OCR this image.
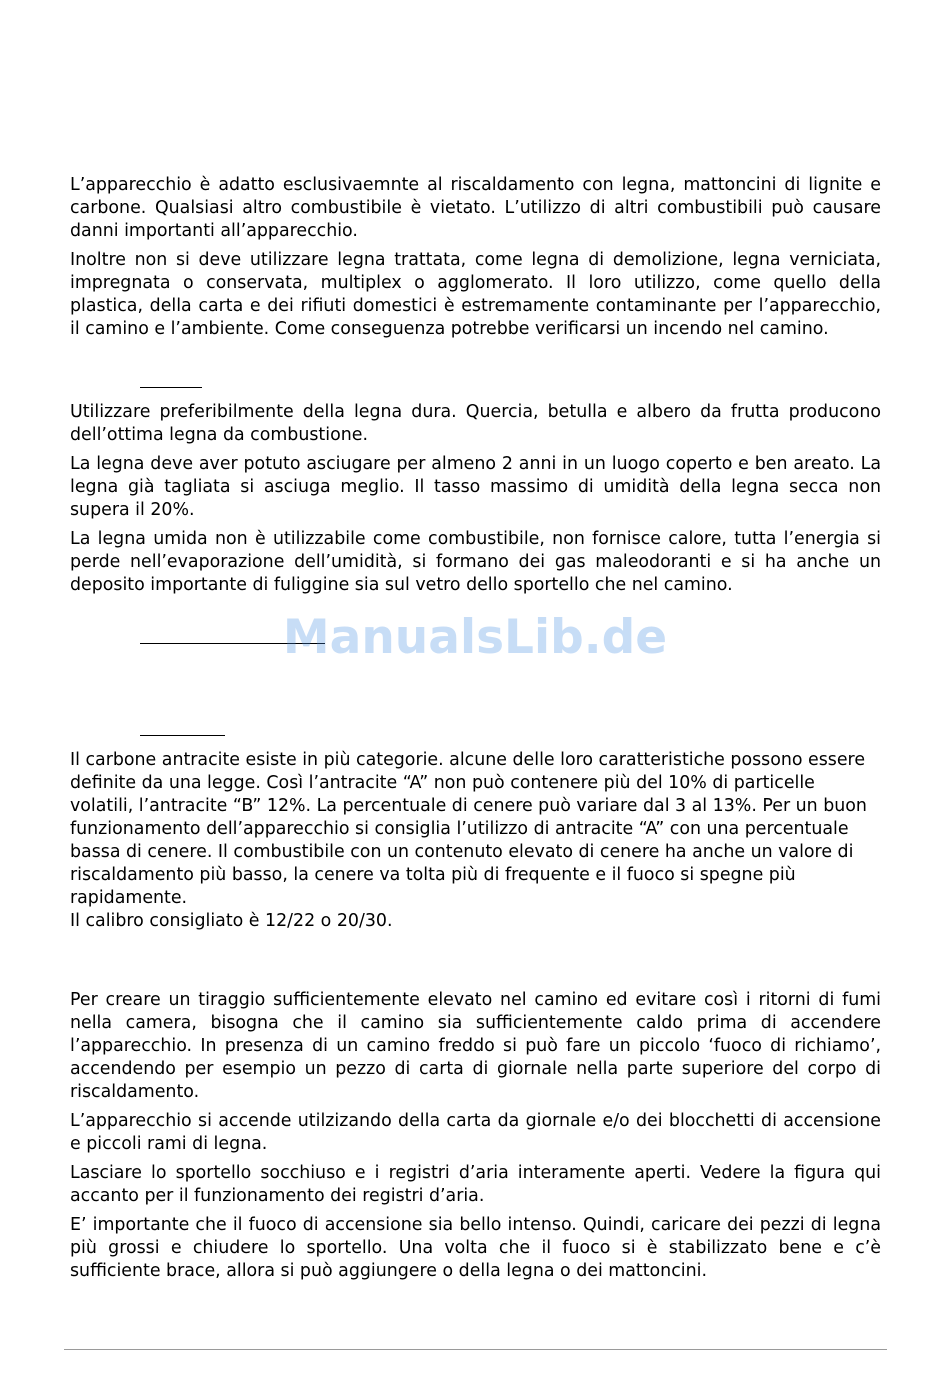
L’apparecchio è adatto esclusivaemnte al riscaldamento con legna, mattoncini di lignite e carbone. Qualsiasi altro combustibile è vietato. L’utilizzo di altri combustibili può causare danni importanti all’apparecchio.

Inoltre non si deve utilizzare legna trattata, come legna di demolizione, legna verniciata, impregnata o conservata, multiplex o agglomerato. Il loro utilizzo, come quello della plastica, della carta e dei rifiuti domestici è estremamente contaminante per l’apparecchio, il camino e l’ambiente. Come conseguenza potrebbe verificarsi un incendo nel camino.

Utilizzare preferibilmente della legna dura. Quercia, betulla e albero da frutta producono dell’ottima legna da combustione.

La legna deve aver potuto asciugare per almeno 2 anni in un luogo coperto e ben areato. La legna già tagliata si asciuga meglio. Il tasso massimo di umidità della legna secca non supera il 20%.

La legna umida non è utilizzabile come combustibile, non fornisce calore, tutta l’energia si perde nell’evaporazione dell’umidità, si formano dei gas maleodoranti e si ha anche un deposito importante di fuliggine sia sul vetro dello sportello che nel camino.

ManualsLib.de

Il carbone antracite esiste in più categorie. alcune delle loro caratteristiche possono essere definite da una legge. Così l’antracite “A” non può contenere più del 10% di particelle volatili, l’antracite “B” 12%. La percentuale di cenere può variare dal 3 al 13%. Per un buon funzionamento dell’apparecchio si consiglia l’utilizzo di antracite “A” con una percentuale bassa di cenere. Il combustibile con un contenuto elevato di cenere ha anche un valore di riscaldamento più basso, la cenere va tolta più di frequente e il fuoco si spegne più rapidamente.

Il calibro consigliato è 12/22 o 20/30.

Per creare un tiraggio sufficientemente elevato nel camino ed evitare così i ritorni di fumi nella camera, bisogna che il camino sia sufficientemente caldo prima di accendere l’apparecchio. In presenza di un camino freddo si può fare un piccolo ‘fuoco di richiamo’, accendendo per esempio un pezzo di carta di giornale nella parte superiore del corpo di riscaldamento.

L’apparecchio si accende utilzizando della carta da giornale e/o dei blocchetti di accensione e piccoli rami di legna.

Lasciare lo sportello socchiuso e i registri d’aria interamente aperti. Vedere la figura qui accanto per il funzionamento dei registri d’aria.

E’ importante che il fuoco di accensione sia bello intenso. Quindi, caricare dei pezzi di legna più grossi e chiudere lo sportello. Una volta che il fuoco si è stabilizzato bene e c’è sufficiente brace, allora si può aggiungere o della legna o dei mattoncini.
